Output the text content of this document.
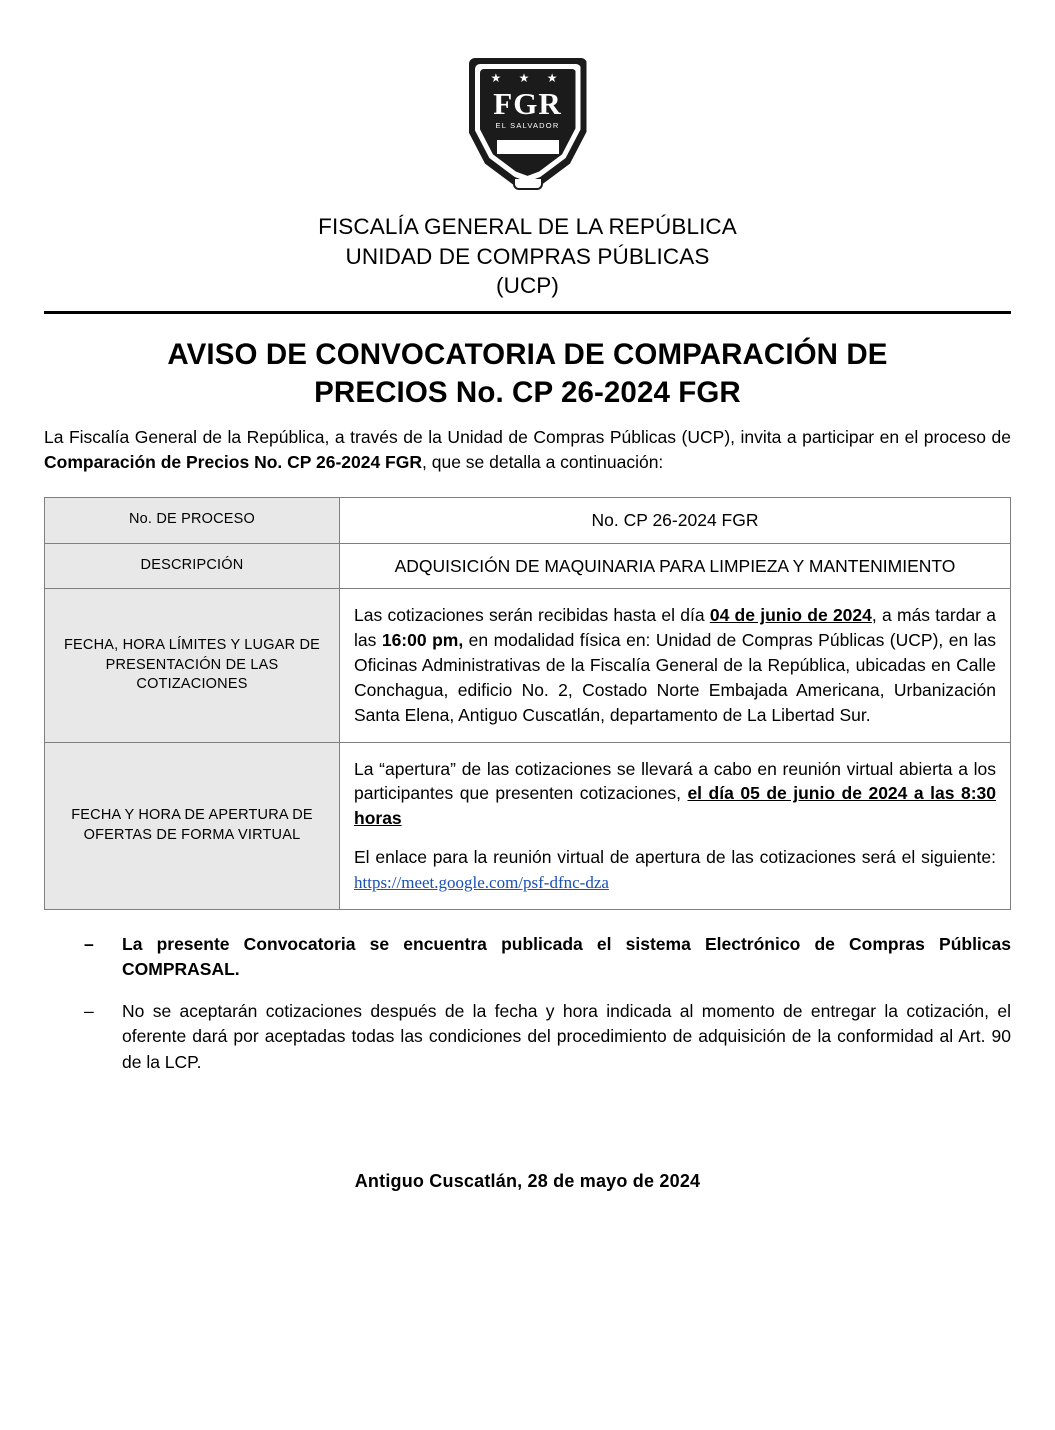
★ ★ ★
FGR
EL SALVADOR
1992
FISCALÍA GENERAL DE LA REPÚBLICA
UNIDAD DE COMPRAS PÚBLICAS
(UCP)
AVISO DE CONVOCATORIA DE COMPARACIÓN DE
PRECIOS No. CP 26-2024 FGR

La Fiscalía General de la República, a través de la Unidad de Compras Públicas (UCP), invita a participar en el proceso de Comparación de Precios No. CP 26-2024 FGR, que se detalla a continuación:

No. DE PROCESO	No. CP 26-2024 FGR
DESCRIPCIÓN	ADQUISICIÓN DE MAQUINARIA PARA LIMPIEZA Y MANTENIMIENTO
FECHA, HORA LÍMITES Y LUGAR DE PRESENTACIÓN DE LAS COTIZACIONES	Las cotizaciones serán recibidas hasta el día 04 de junio de 2024, a más tardar a las 16:00 pm, en modalidad física en: Unidad de Compras Públicas (UCP), en las Oficinas Administrativas de la Fiscalía General de la República, ubicadas en Calle Conchagua, edificio No. 2, Costado Norte Embajada Americana, Urbanización Santa Elena, Antiguo Cuscatlán, departamento de La Libertad Sur.
FECHA Y HORA DE APERTURA DE OFERTAS DE FORMA VIRTUAL	La “apertura” de las cotizaciones se llevará a cabo en reunión virtual abierta a los participantes que presenten cotizaciones, el día 05 de junio de 2024 a las 8:30 horas
El enlace para la reunión virtual de apertura de las cotizaciones será el siguiente: https://meet.google.com/psf-dfnc-dza
– La presente Convocatoria se encuentra publicada el sistema Electrónico de Compras Públicas COMPRASAL.
– No se aceptarán cotizaciones después de la fecha y hora indicada al momento de entregar la cotización, el oferente dará por aceptadas todas las condiciones del procedimiento de adquisición de la conformidad al Art. 90 de la LCP.
Antiguo Cuscatlán, 28 de mayo de 2024
